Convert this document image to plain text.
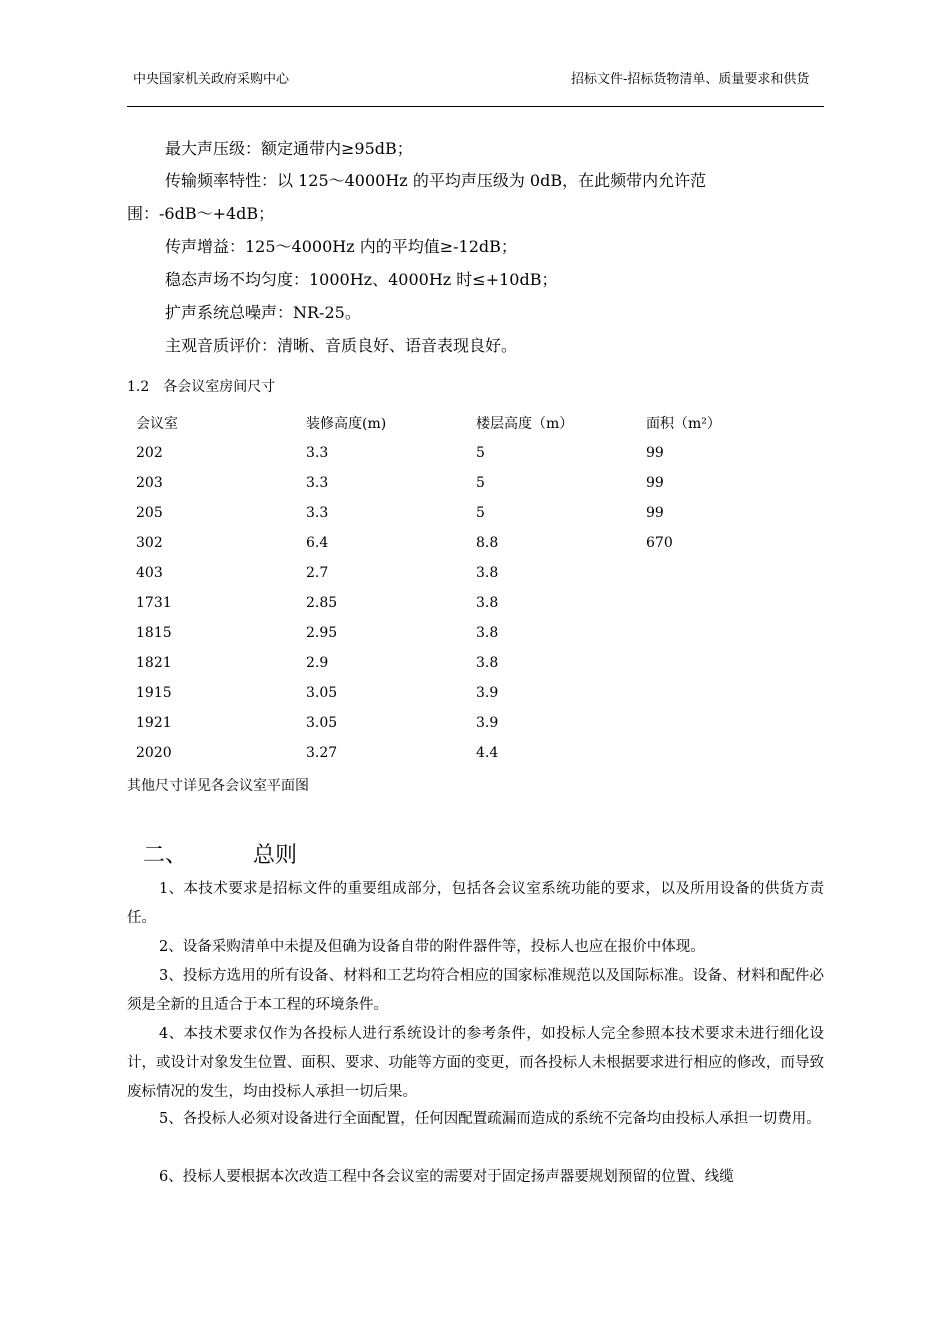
中央国家机关政府采购中心	招标文件-招标货物清单、质量要求和供货
最大声压级：额定通带内≥95dB；
传输频率特性：以 125～4000Hz 的平均声压级为 0dB，在此频带内允许范
围：-6dB～+4dB；
传声增益：125～4000Hz 内的平均值≥-12dB；
稳态声场不均匀度：1000Hz、4000Hz 时≤+10dB；
扩声系统总噪声：NR-25。
主观音质评价：清晰、音质良好、语音表现良好。
1.2　各会议室房间尺寸
会议室	装修高度(m)	楼层高度（m）	面积（m²）
202	3.3	5	99
203	3.3	5	99
205	3.3	5	99
302	6.4	8.8	670
403	2.7	3.8	
1731	2.85	3.8	
1815	2.95	3.8	
1821	2.9	3.8	
1915	3.05	3.9	
1921	3.05	3.9	
2020	3.27	4.4	
其他尺寸详见各会议室平面图
二、	总则
1、本技术要求是招标文件的重要组成部分，包括各会议室系统功能的要求，以及所用设备的供货方责任。
2、设备采购清单中未提及但确为设备自带的附件器件等，投标人也应在报价中体现。
3、投标方选用的所有设备、材料和工艺均符合相应的国家标准规范以及国际标准。设备、材料和配件必须是全新的且适合于本工程的环境条件。
4、本技术要求仅作为各投标人进行系统设计的参考条件，如投标人完全参照本技术要求未进行细化设计，或设计对象发生位置、面积、要求、功能等方面的变更，而各投标人未根据要求进行相应的修改，而导致废标情况的发生，均由投标人承担一切后果。
5、各投标人必须对设备进行全面配置，任何因配置疏漏而造成的系统不完备均由投标人承担一切费用。
6、投标人要根据本次改造工程中各会议室的需要对于固定扬声器要规划预留的位置、线缆
